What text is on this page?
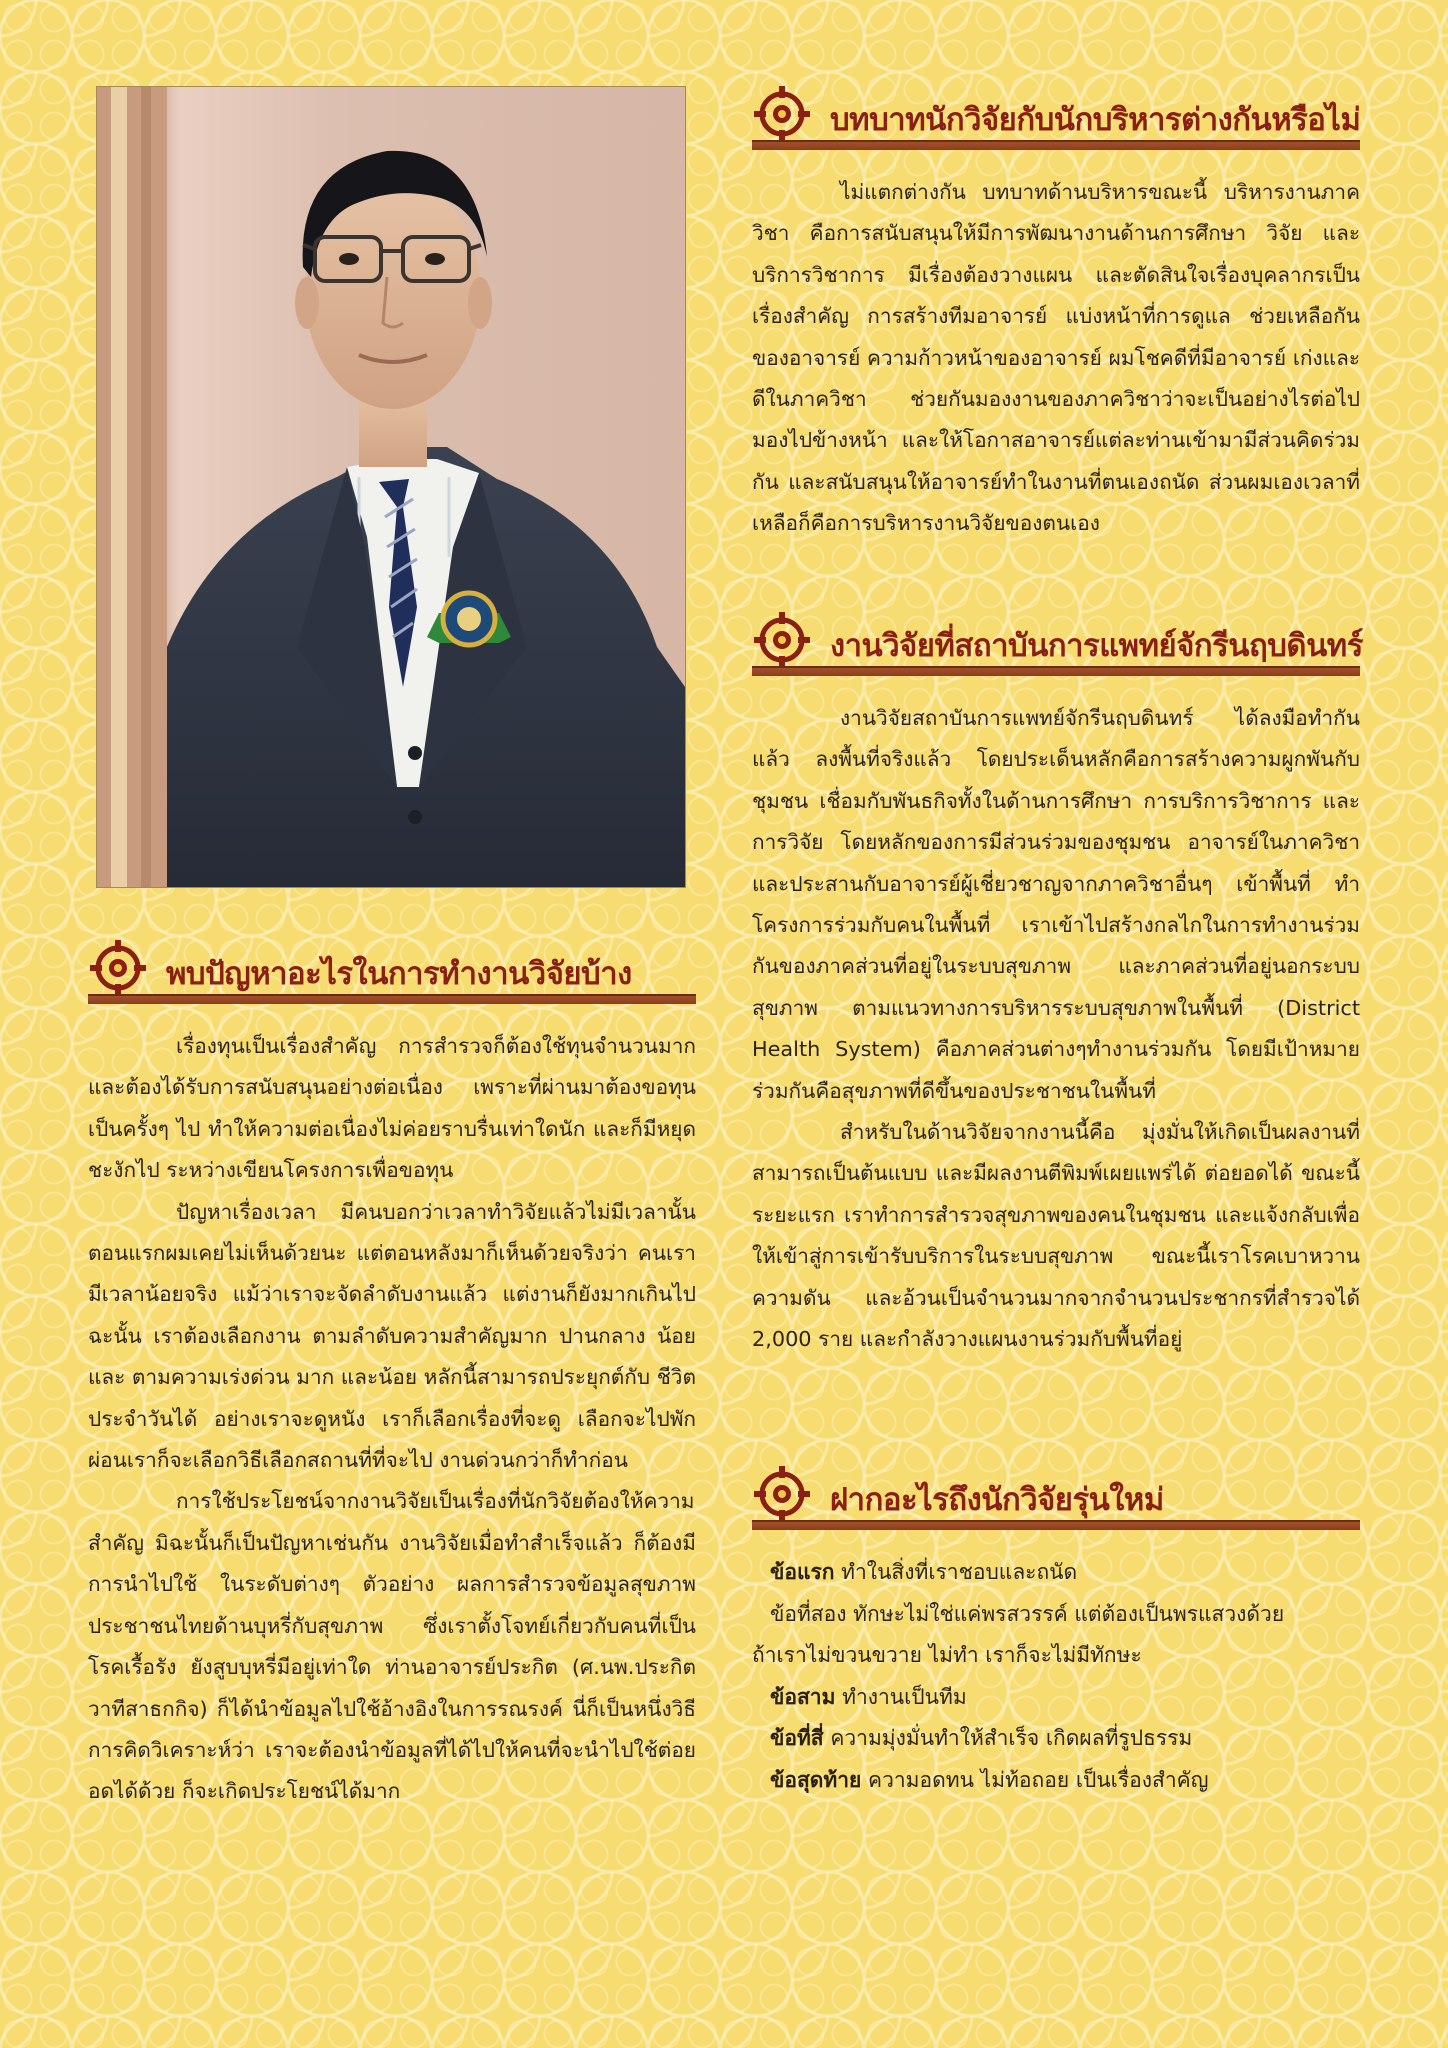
บทบาทนักวิจัยกับนักบริหารต่างกันหรือไม่

ไม่แตกต่างกัน บทบาทด้านบริหารขณะนี้ บริหารงานภาควิชา คือการสนับสนุนให้มีการพัฒนางานด้านการศึกษา วิจัย และบริการวิชาการ มีเรื่องต้องวางแผน และตัดสินใจเรื่องบุคลากรเป็นเรื่องสำคัญ การสร้างทีมอาจารย์ แบ่งหน้าที่การดูแล ช่วยเหลือกันของอาจารย์ ความก้าวหน้าของอาจารย์ ผมโชคดีที่มีอาจารย์ เก่งและดีในภาควิชา ช่วยกันมองงานของภาควิชาว่าจะเป็นอย่างไรต่อไป มองไปข้างหน้า และให้โอกาสอาจารย์แต่ละท่านเข้ามามีส่วนคิดร่วมกัน และสนับสนุนให้อาจารย์ทำในงานที่ตนเองถนัด ส่วนผมเองเวลาที่เหลือก็คือการบริหารงานวิจัยของตนเอง

งานวิจัยที่สถาบันการแพทย์จักรีนฤบดินทร์

งานวิจัยสถาบันการแพทย์จักรีนฤบดินทร์ ได้ลงมือทำกันแล้ว ลงพื้นที่จริงแล้ว โดยประเด็นหลักคือการสร้างความผูกพันกับชุมชน เชื่อมกับพันธกิจทั้งในด้านการศึกษา การบริการวิชาการ และการวิจัย โดยหลักของการมีส่วนร่วมของชุมชน อาจารย์ในภาควิชาและประสานกับอาจารย์ผู้เชี่ยวชาญจากภาควิชาอื่นๆ เข้าพื้นที่ ทำโครงการร่วมกับคนในพื้นที่ เราเข้าไปสร้างกลไกในการทำงานร่วมกันของภาคส่วนที่อยู่ในระบบสุขภาพ และภาคส่วนที่อยู่นอกระบบสุขภาพ ตามแนวทางการบริหารระบบสุขภาพในพื้นที่ (District Health System) คือภาคส่วนต่างๆทำงานร่วมกัน โดยมีเป้าหมายร่วมกันคือสุขภาพที่ดีขึ้นของประชาชนในพื้นที่

สำหรับในด้านวิจัยจากงานนี้คือ มุ่งมั่นให้เกิดเป็นผลงานที่สามารถเป็นต้นแบบ และมีผลงานตีพิมพ์เผยแพร่ได้ ต่อยอดได้ ขณะนี้ระยะแรก เราทำการสำรวจสุขภาพของคนในชุมชน และแจ้งกลับเพื่อให้เข้าสู่การเข้ารับบริการในระบบสุขภาพ ขณะนี้เราโรคเบาหวาน ความดัน และอ้วนเป็นจำนวนมากจากจำนวนประชากรที่สำรวจได้ 2,000 ราย และกำลังวางแผนงานร่วมกับพื้นที่อยู่

ฝากอะไรถึงนักวิจัยรุ่นใหม่
ข้อแรก ทำในสิ่งที่เราชอบและถนัด
ข้อที่สอง ทักษะไม่ใช่แค่พรสวรรค์ แต่ต้องเป็นพรแสวงด้วย
ถ้าเราไม่ขวนขวาย ไม่ทำ เราก็จะไม่มีทักษะ
ข้อสาม ทำงานเป็นทีม
ข้อที่สี่ ความมุ่งมั่นทำให้สำเร็จ เกิดผลที่รูปธรรม
ข้อสุดท้าย ความอดทน ไม่ท้อถอย เป็นเรื่องสำคัญ
พบปัญหาอะไรในการทำงานวิจัยบ้าง

เรื่องทุนเป็นเรื่องสำคัญ การสำรวจก็ต้องใช้ทุนจำนวนมาก และต้องได้รับการสนับสนุนอย่างต่อเนื่อง เพราะที่ผ่านมาต้องขอทุนเป็นครั้งๆ ไป ทำให้ความต่อเนื่องไม่ค่อยราบรื่นเท่าใดนัก และก็มีหยุดชะงักไป ระหว่างเขียนโครงการเพื่อขอทุน

ปัญหาเรื่องเวลา มีคนบอกว่าเวลาทำวิจัยแล้วไม่มีเวลานั้น ตอนแรกผมเคยไม่เห็นด้วยนะ แต่ตอนหลังมาก็เห็นด้วยจริงว่า คนเรามีเวลาน้อยจริง แม้ว่าเราจะจัดลำดับงานแล้ว แต่งานก็ยังมากเกินไป ฉะนั้น เราต้องเลือกงาน ตามลำดับความสำคัญมาก ปานกลาง น้อย และ ตามความเร่งด่วน มาก และน้อย หลักนี้สามารถประยุกต์กับ ชีวิตประจำวันได้ อย่างเราจะดูหนัง เราก็เลือกเรื่องที่จะดู เลือกจะไปพักผ่อนเราก็จะเลือกวิธีเลือกสถานที่ที่จะไป งานด่วนกว่าก็ทำก่อน

การใช้ประโยชน์จากงานวิจัยเป็นเรื่องที่นักวิจัยต้องให้ความสำคัญ มิฉะนั้นก็เป็นปัญหาเช่นกัน งานวิจัยเมื่อทำสำเร็จแล้ว ก็ต้องมีการนำไปใช้ ในระดับต่างๆ ตัวอย่าง ผลการสำรวจข้อมูลสุขภาพประชาชนไทยด้านบุหรี่กับสุขภาพ ซึ่งเราตั้งโจทย์เกี่ยวกับคนที่เป็นโรคเรื้อรัง ยังสูบบุหรี่มีอยู่เท่าใด ท่านอาจารย์ประกิต (ศ.นพ.ประกิต วาทีสาธกกิจ) ก็ได้นำข้อมูลไปใช้อ้างอิงในการรณรงค์ นี่ก็เป็นหนึ่งวิธีการคิดวิเคราะห์ว่า เราจะต้องนำข้อมูลที่ได้ไปให้คนที่จะนำไปใช้ต่อยอดได้ด้วย ก็จะเกิดประโยชน์ได้มาก
